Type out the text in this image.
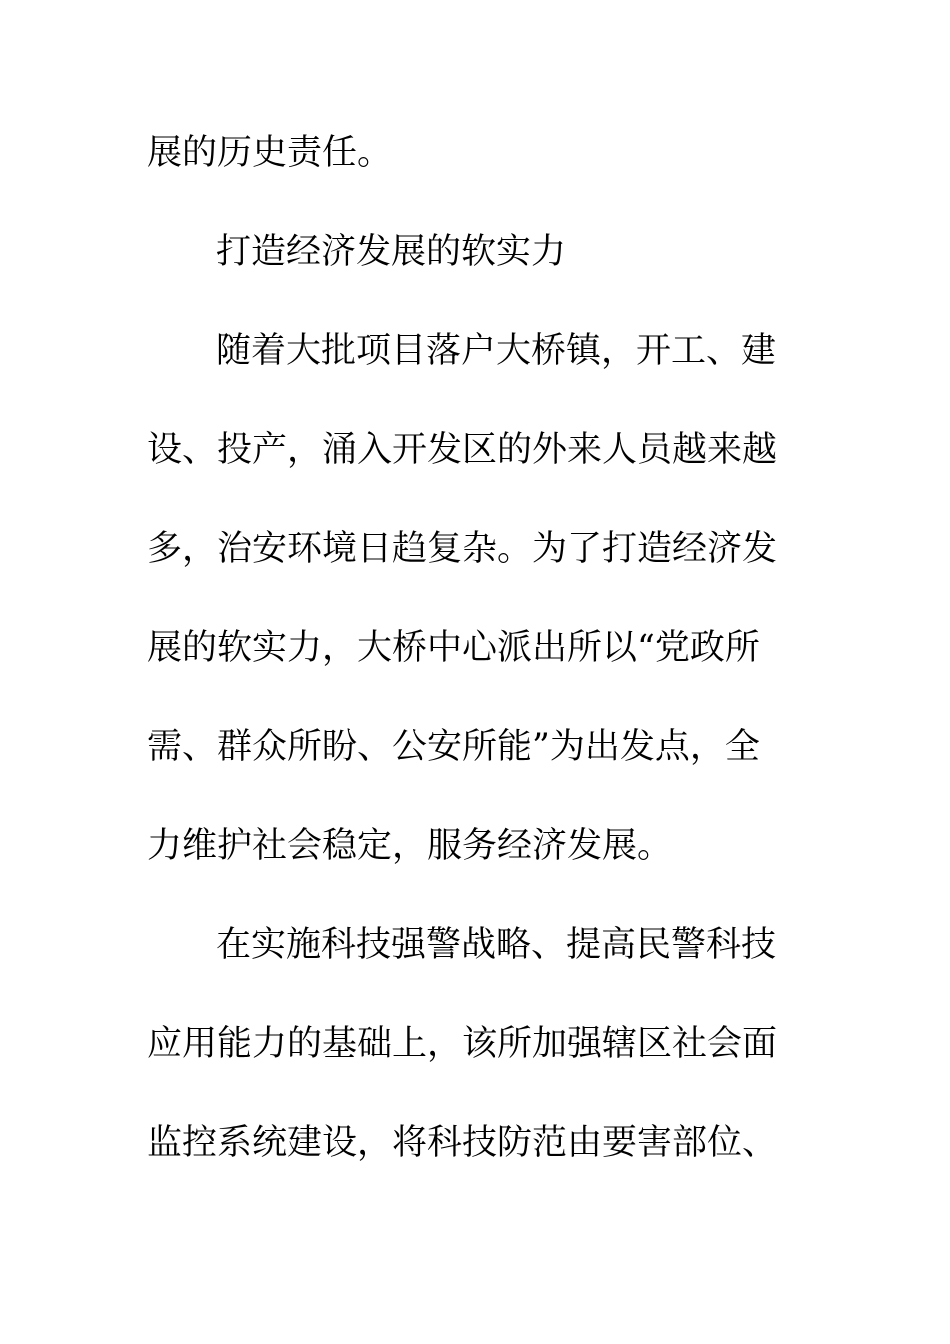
展的历史责任。
打造经济发展的软实力
随着大批项目落户大桥镇，开工、建
设、投产，涌入开发区的外来人员越来越
多，治安环境日趋复杂。为了打造经济发
展的软实力，大桥中心派出所以“党政所
需、群众所盼、公安所能”为出发点，全
力维护社会稳定，服务经济发展。
在实施科技强警战略、提高民警科技
应用能力的基础上，该所加强辖区社会面
监控系统建设，将科技防范由要害部位、
